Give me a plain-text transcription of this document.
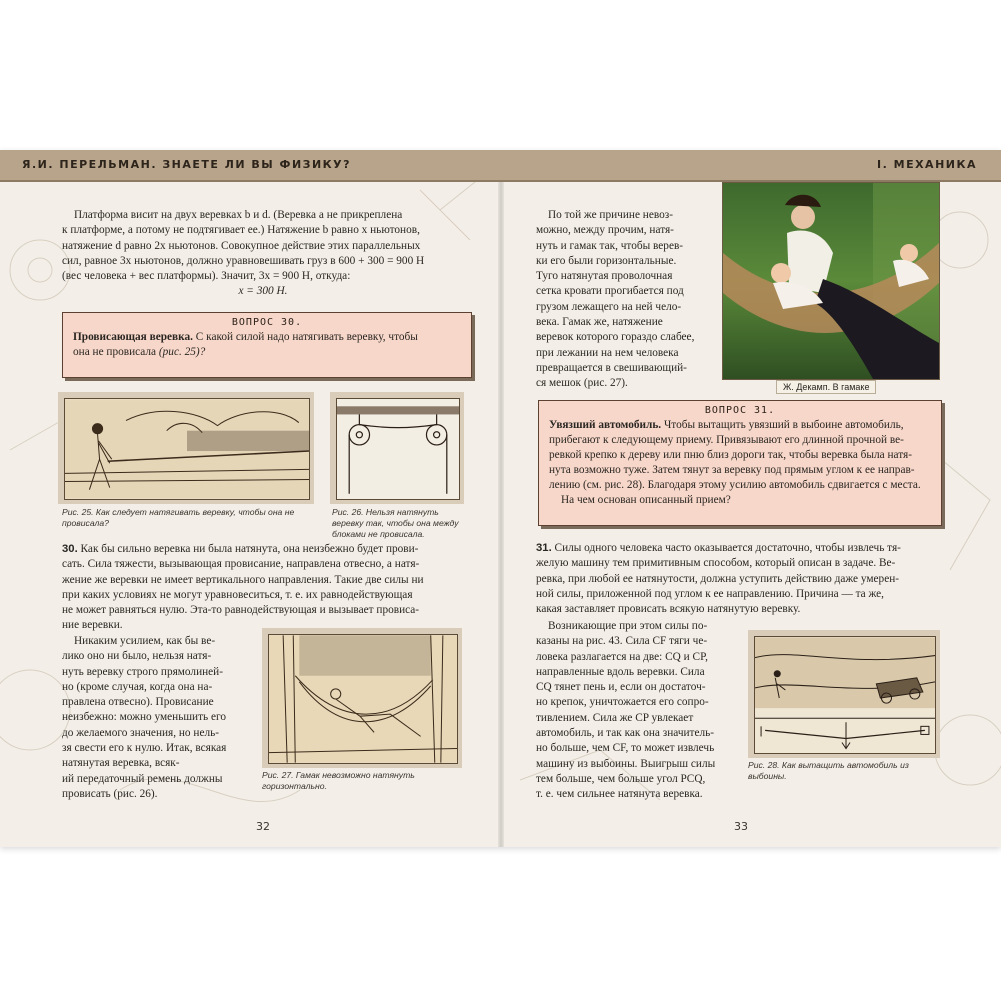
Я.И. ПЕРЕЛЬМАН. ЗНАЕТЕ ЛИ ВЫ ФИЗИКУ?	I. МЕХАНИКА
Платформа висит на двух веревках b и d. (Веревка a не прикреплена
к платформе, а потому не подтягивает ее.) Натяжение b равно x ньютонов,
натяжение d равно 2x ньютонов. Совокупное действие этих параллельных
сил, равное 3x ньютонов, должно уравновешивать груз в 600 + 300 = 900 Н
(вес человека + вес платформы). Значит, 3x = 900 Н, откуда:
x = 300 Н.
ВОПРОС 30.
Провисающая веревка. С какой силой надо натягивать веревку, чтобы
она не провисала (рис. 25)?
Рис. 25. Как следует натягивать веревку, чтобы она не провисала?
Рис. 26. Нельзя натянуть веревку так, чтобы она между блоками не провисала.
30. Как бы сильно веревка ни была натянута, она неизбежно будет прови-
сать. Сила тяжести, вызывающая провисание, направлена отвесно, а натя-
жение же веревки не имеет вертикального направления. Такие две силы ни
при каких условиях не могут уравновеситься, т. е. их равнодействующая
не может равняться нулю. Эта-то равнодействующая и вызывает провиса-
ние веревки.
Никаким усилием, как бы ве-
лико оно ни было, нельзя натя-
нуть веревку строго прямолиней-
но (кроме случая, когда она на-
правлена отвесно). Провисание
неизбежно: можно уменьшить его
до желаемого значения, но нель-
зя свести его к нулю. Итак, всякая
натянутая веревка, всяк-
ий передаточный ремень должны
провисать (рис. 26).
Рис. 27. Гамак невозможно натянуть горизонтально.
32
По той же причине невоз-
можно, между прочим, натя-
нуть и гамак так, чтобы верев-
ки его были горизонтальные.
Туго натянутая проволочная
сетка кровати прогибается под
грузом лежащего на ней чело-
века. Гамак же, натяжение
веревок которого гораздо слабее,
при лежании на нем человека
превращается в свешивающий-
ся мешок (рис. 27).	Ж. Декамп. В гамаке
ВОПРОС 31.
Увязший автомобиль. Чтобы вытащить увязший в выбоине автомобиль,
прибегают к следующему приему. Привязывают его длинной прочной ве-
ревкой крепко к дереву или пню близ дороги так, чтобы веревка была натя-
нута возможно туже. Затем тянут за веревку под прямым углом к ее направ-
лению (см. рис. 28). Благодаря этому усилию автомобиль сдвигается с места.
На чем основан описанный прием?
31. Силы одного человека часто оказывается достаточно, чтобы извлечь тя-
желую машину тем примитивным способом, который описан в задаче. Ве-
ревка, при любой ее натянутости, должна уступить действию даже умерен-
ной силы, приложенной под углом к ее направлению. Причина — та же,
какая заставляет провисать всякую натянутую веревку.
Возникающие при этом силы по-
казаны на рис. 43. Сила CF тяги че-
ловека разлагается на две: CQ и CP,
направленные вдоль веревки. Сила
CQ тянет пень и, если он достаточ-
но крепок, уничтожается его сопро-
тивлением. Сила же CP увлекает
автомобиль, и так как она значитель-
но больше, чем CF, то может извлечь
машину из выбоины. Выигрыш силы
тем больше, чем больше угол PCQ,
т. е. чем сильнее натянута веревка.
Рис. 28. Как вытащить автомобиль из выбоины.
33
